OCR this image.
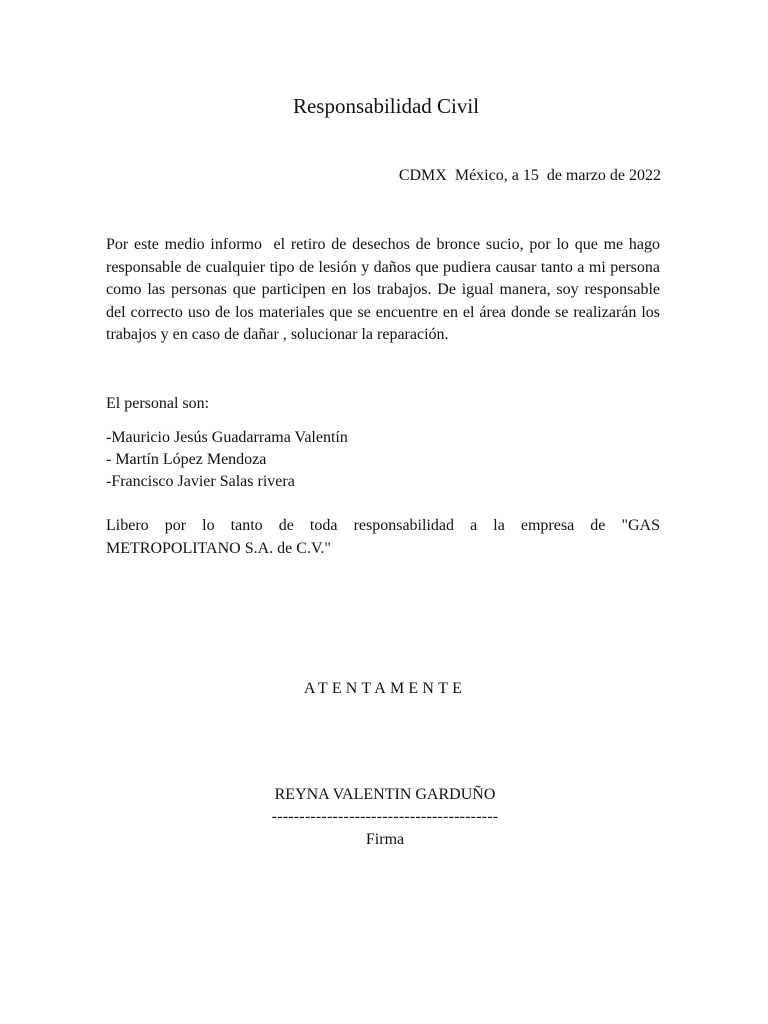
Responsabilidad Civil
CDMX  México, a 15  de marzo de 2022

Por este medio informo  el retiro de desechos de bronce sucio, por lo que me hago responsable de cualquier tipo de lesión y daños que pudiera causar tanto a mi persona como las personas que participen en los trabajos. De igual manera, soy responsable del correcto uso de los materiales que se encuentre en el área donde se realizarán los trabajos y en caso de dañar , solucionar la reparación.

El personal son:
-Mauricio Jesús Guadarrama Valentín
- Martín López Mendoza
-Francisco Javier Salas rivera

Libero por lo tanto de toda responsabilidad a la empresa de "GAS
METROPOLITANO S.A. de C.V."

ATENTAMENTE
REYNA VALENTIN GARDUÑO
-----------------------------------------
Firma
